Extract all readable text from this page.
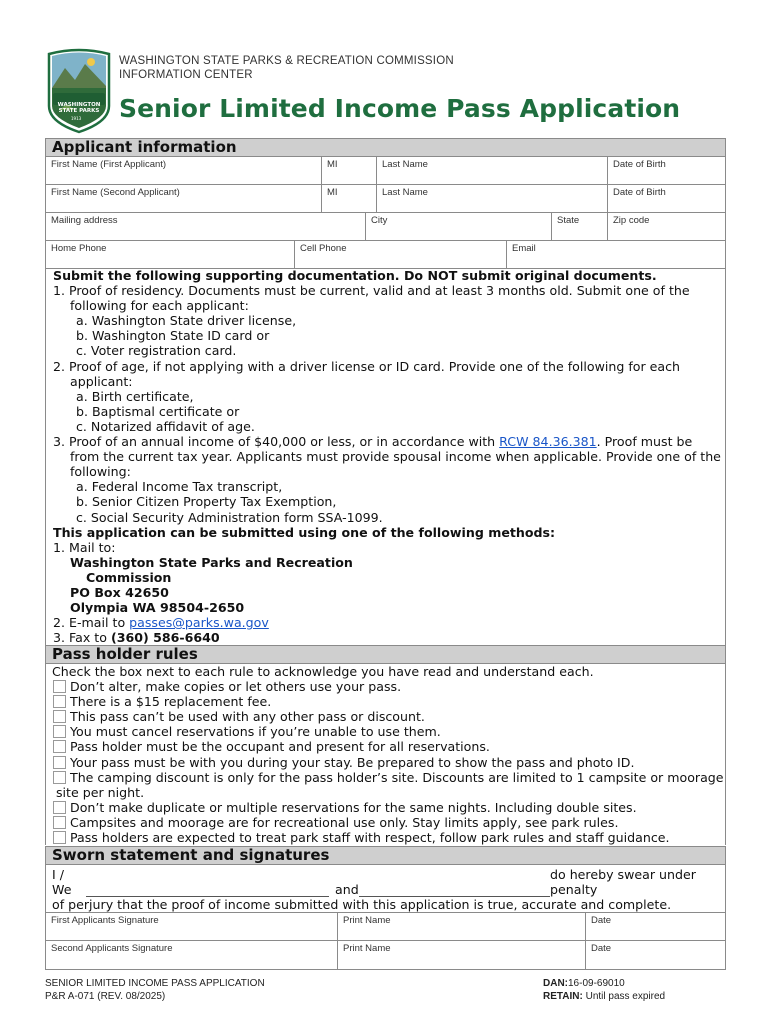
WASHINGTON STATE PARKS
1913
WASHINGTON STATE PARKS & RECREATION COMMISSION
INFORMATION CENTER
Senior Limited Income Pass Application
Applicant information
First Name (First Applicant)	MI	Last Name	Date of Birth
First Name (Second Applicant)	MI	Last Name	Date of Birth
Mailing address	City	State	Zip code
Home Phone	Cell Phone	Email

Submit the following supporting documentation. Do NOT submit original documents.

1. Proof of residency. Documents must be current, valid and at least 3 months old. Submit one of the

following for each applicant:

a. Washington State driver license,

b. Washington State ID card or

c. Voter registration card.

2. Proof of age, if not applying with a driver license or ID card. Provide one of the following for each

applicant:

a. Birth certificate,

b. Baptismal certificate or

c. Notarized affidavit of age.

3. Proof of an annual income of $40,000 or less, or in accordance with RCW 84.36.381. Proof must be

from the current tax year. Applicants must provide spousal income when applicable. Provide one of the

following:

a. Federal Income Tax transcript,

b. Senior Citizen Property Tax Exemption,

c. Social Security Administration form SSA-1099.

This application can be submitted using one of the following methods:

1. Mail to:

Washington State Parks and Recreation

Commission

PO Box 42650

Olympia WA 98504-2650

2. E-mail to passes@parks.wa.gov

3. Fax to (360) 586-6640

Pass holder rules

Check the box next to each rule to acknowledge you have read and understand each.

Don’t alter, make copies or let others use your pass.

There is a $15 replacement fee.

This pass can’t be used with any other pass or discount.

You must cancel reservations if you’re unable to use them.

Pass holder must be the occupant and present for all reservations.

Your pass must be with you during your stay. Be prepared to show the pass and photo ID.

The camping discount is only for the pass holder’s site. Discounts are limited to 1 campsite or moorage

site per night.

Don’t make duplicate or multiple reservations for the same nights. Including double sites.

Campsites and moorage are for recreational use only. Stay limits apply, see park rules.

Pass holders are expected to treat park staff with respect, follow park rules and staff guidance.

Sworn statement and signatures
I /
We	and
do hereby swear under
penalty
of perjury that the proof of income submitted with this application is true, accurate and complete.
First Applicants Signature	Print Name	Date
Second Applicants Signature	Print Name	Date
SENIOR LIMITED INCOME PASS APPLICATION
P&R A-071 (REV. 08/2025)
DAN:16-09-69010
RETAIN: Until pass expired
